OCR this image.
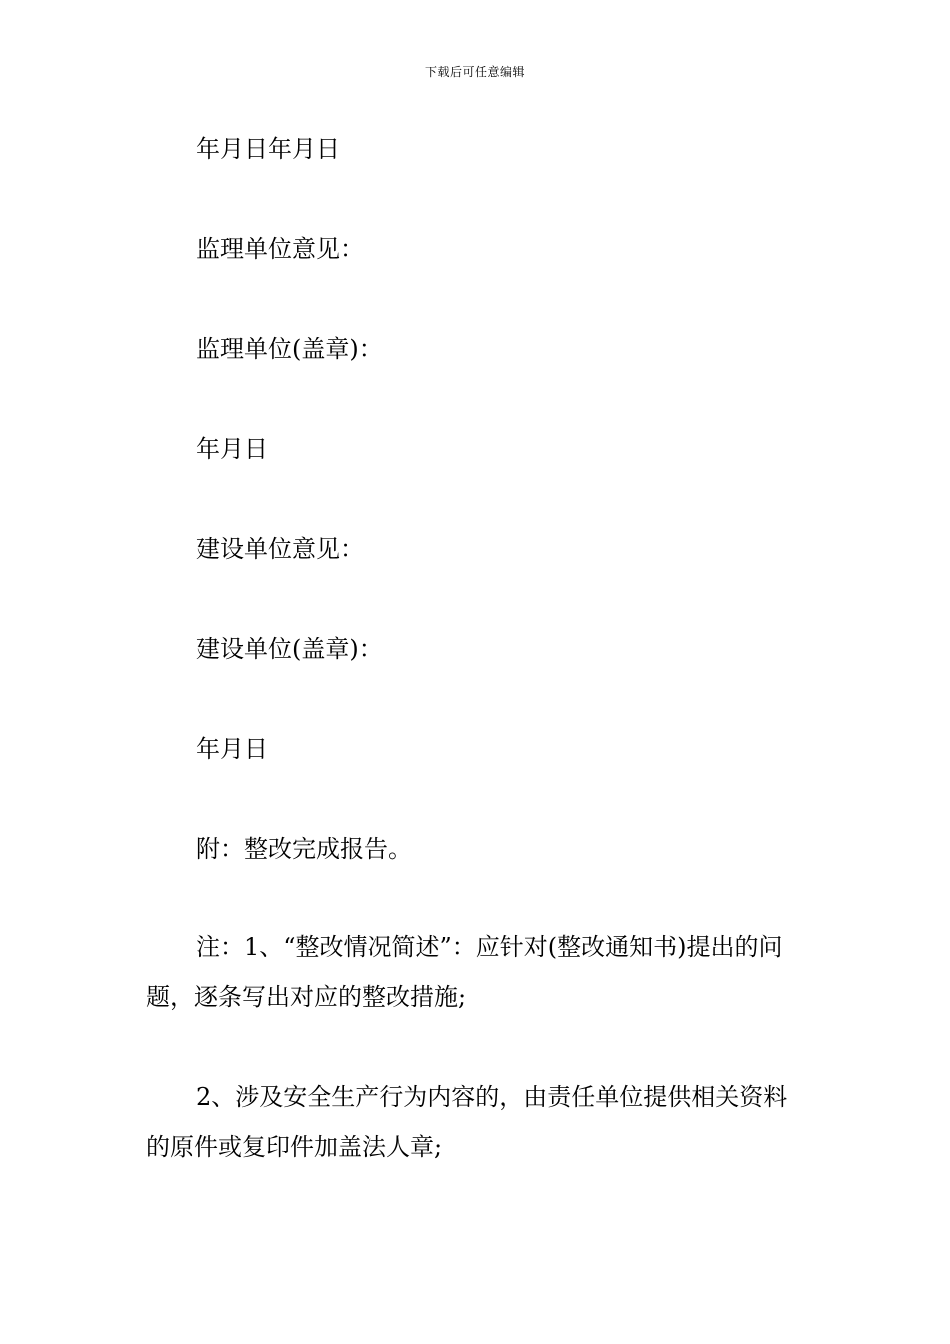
下载后可任意编辑

年月日年月日

监理单位意见：

监理单位(盖章)：

年月日

建设单位意见：

建设单位(盖章)：

年月日

附：整改完成报告。

注：1、“整改情况简述”：应针对(整改通知书)提出的问题，逐条写出对应的整改措施;

2、涉及安全生产行为内容的，由责任单位提供相关资料的原件或复印件加盖法人章;
